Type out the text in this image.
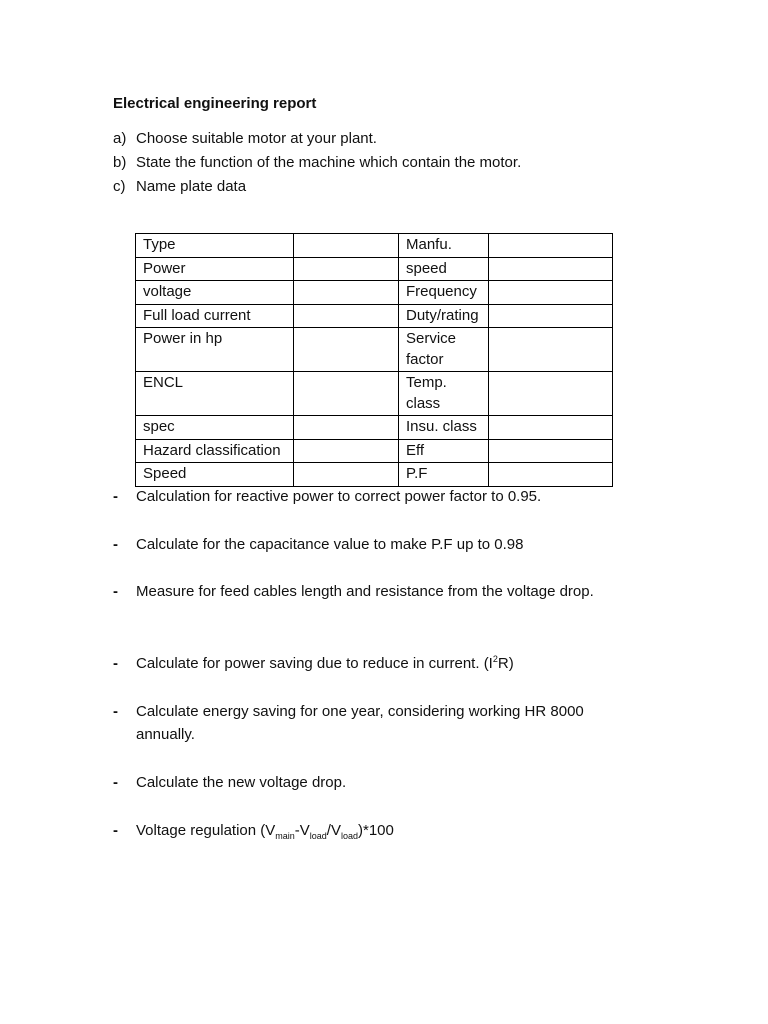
Electrical engineering report
a) Choose suitable motor at your plant.
b) State the function of the machine which contain the motor.
c) Name plate data
Type		Manfu.	
Power		speed	
voltage		Frequency	
Full load current		Duty/rating	
Power in hp		Service factor	
ENCL		Temp. class	
spec		Insu. class	
Hazard classification		Eff	
Speed		P.F	
- Calculation for reactive power to correct power factor to 0.95.
- Calculate for the capacitance value to make P.F up to 0.98
- Measure for feed cables length and resistance from the voltage drop.
- Calculate for power saving due to reduce in current. $(I^2R)$
- Calculate energy saving for one year, considering working HR 8000 annually.
- Calculate the new voltage drop.
- Voltage regulation $(V_{main}-V_{load}/V_{load})*100$
